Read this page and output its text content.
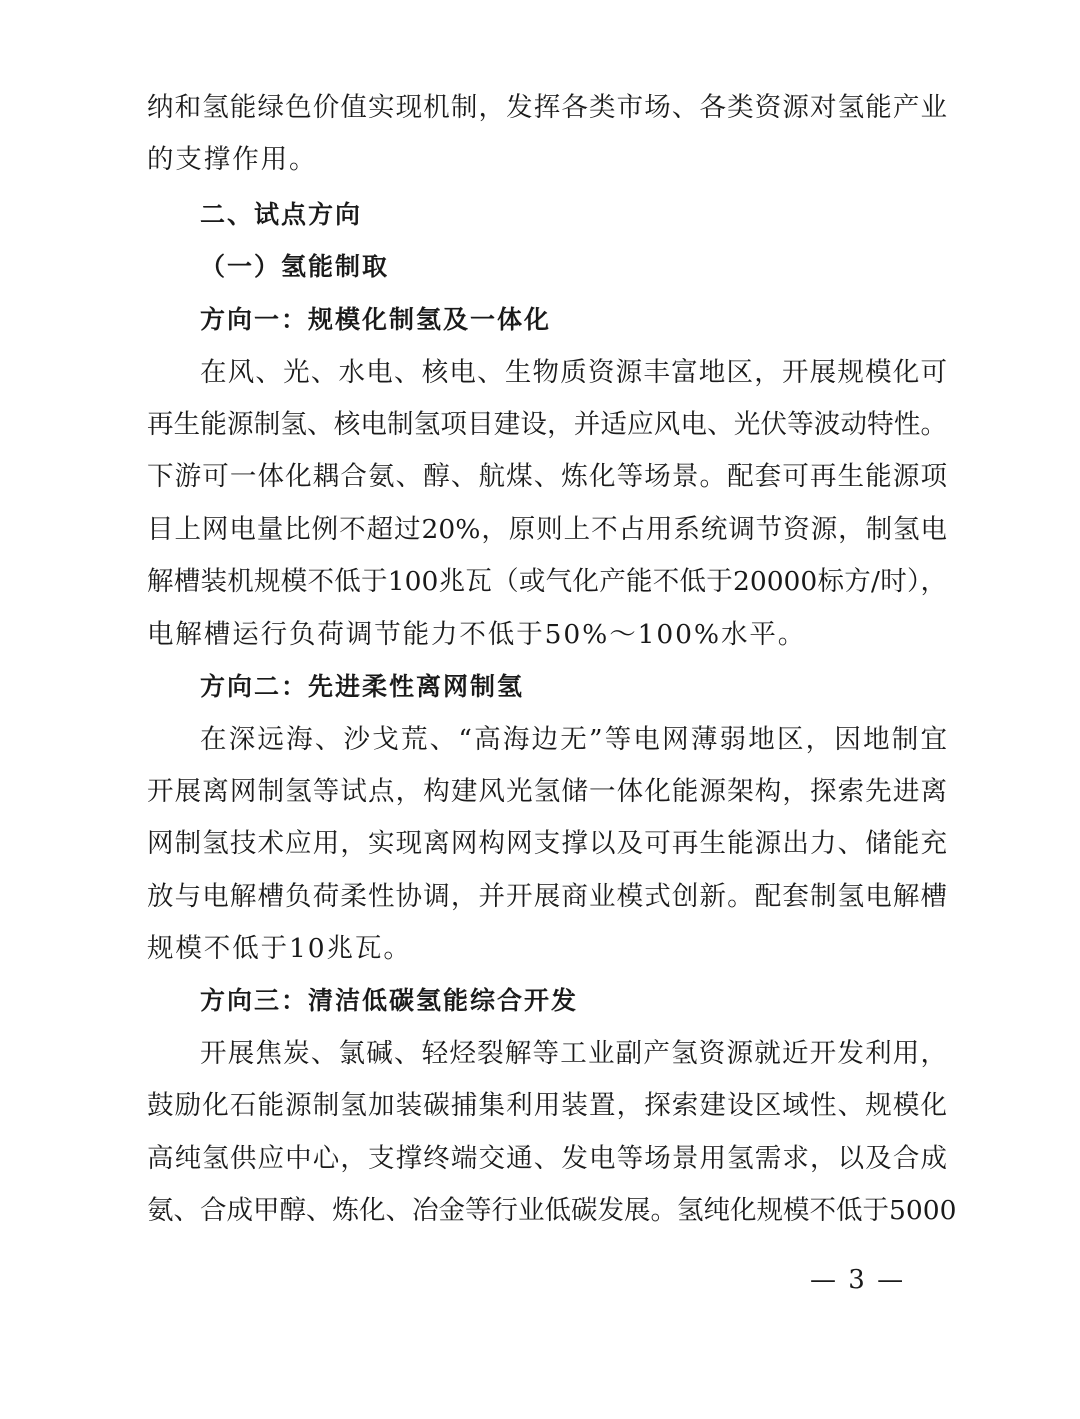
纳和氢能绿色价值实现机制，发挥各类市场、各类资源对氢能产业
的支撑作用。
二、试点方向
（一）氢能制取
方向一：规模化制氢及一体化
在风、光、水电、核电、生物质资源丰富地区，开展规模化可
再生能源制氢、核电制氢项目建设，并适应风电、光伏等波动特性。
下游可一体化耦合氨、醇、航煤、炼化等场景。配套可再生能源项
目上网电量比例不超过20%，原则上不占用系统调节资源，制氢电
解槽装机规模不低于100兆瓦（或气化产能不低于20000标方/时），
电解槽运行负荷调节能力不低于50%～100%水平。
方向二：先进柔性离网制氢
在深远海、沙戈荒、“高海边无”等电网薄弱地区，因地制宜
开展离网制氢等试点，构建风光氢储一体化能源架构，探索先进离
网制氢技术应用，实现离网构网支撑以及可再生能源出力、储能充
放与电解槽负荷柔性协调，并开展商业模式创新。配套制氢电解槽
规模不低于10兆瓦。
方向三：清洁低碳氢能综合开发
开展焦炭、氯碱、轻烃裂解等工业副产氢资源就近开发利用，
鼓励化石能源制氢加装碳捕集利用装置，探索建设区域性、规模化
高纯氢供应中心，支撑终端交通、发电等场景用氢需求，以及合成
氨、合成甲醇、炼化、冶金等行业低碳发展。氢纯化规模不低于5000
— 3 —
